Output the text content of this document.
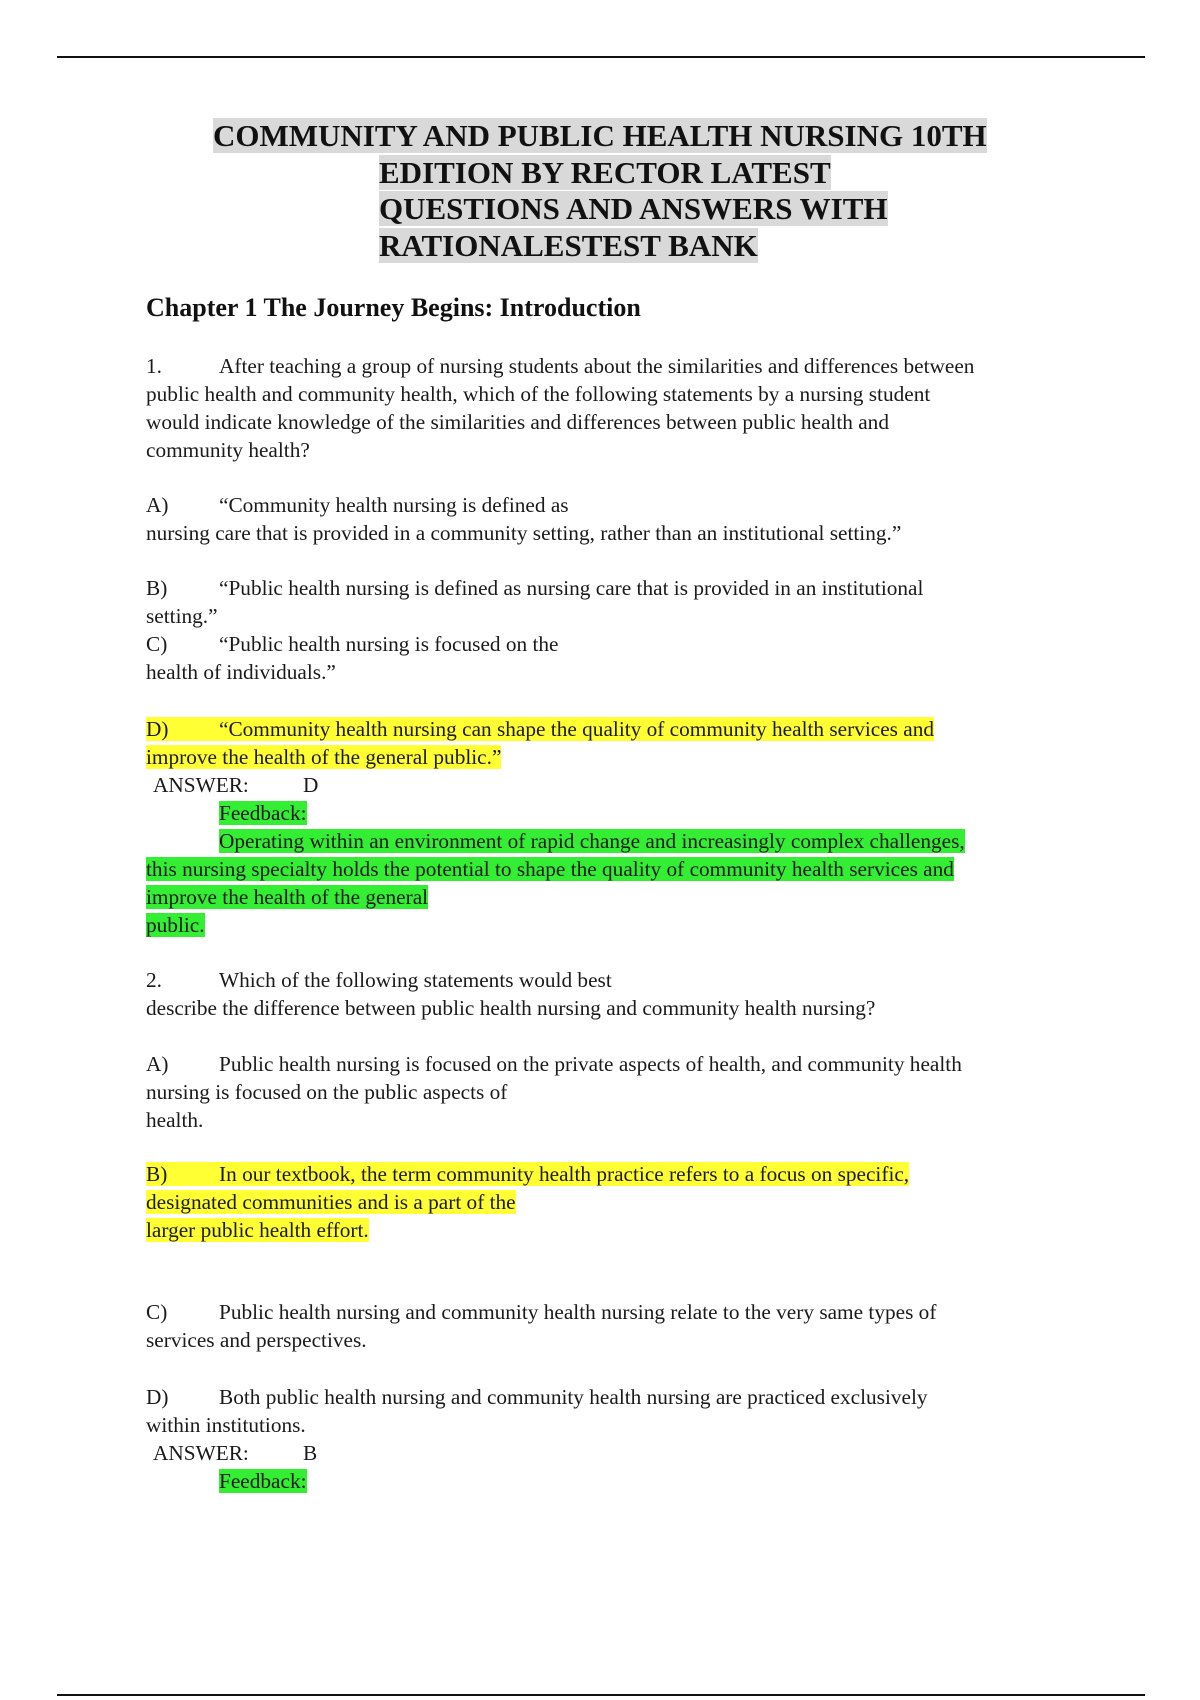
COMMUNITY AND PUBLIC HEALTH NURSING 10TH
EDITION BY RECTOR LATEST
QUESTIONS AND ANSWERS WITH
RATIONALESTEST BANK
Chapter 1 The Journey Begins: Introduction
1.	After teaching a group of nursing students about the similarities and differences between
public health and community health, which of the following statements by a nursing student
would indicate knowledge of the similarities and differences between public health and
community health?
A) “Community health nursing is defined as
nursing care that is provided in a community setting, rather than an institutional setting.”
B) “Public health nursing is defined as nursing care that is provided in an institutional
setting.”
C) “Public health nursing is focused on the
health of individuals.”
D) “Community health nursing can shape the quality of community health services and
improve the health of the general public.”
ANSWER:	D
Feedback:
Operating within an environment of rapid change and increasingly complex challenges,
this nursing specialty holds the potential to shape the quality of community health services and
improve the health of the general
public.
2.	Which of the following statements would best
describe the difference between public health nursing and community health nursing?
A) Public health nursing is focused on the private aspects of health, and community health
nursing is focused on the public aspects of
health.
B) In our textbook, the term community health practice refers to a focus on specific,
designated communities and is a part of the
larger public health effort.
C) Public health nursing and community health nursing relate to the very same types of
services and perspectives.
D) Both public health nursing and community health nursing are practiced exclusively
within institutions.
ANSWER:	B
Feedback:
